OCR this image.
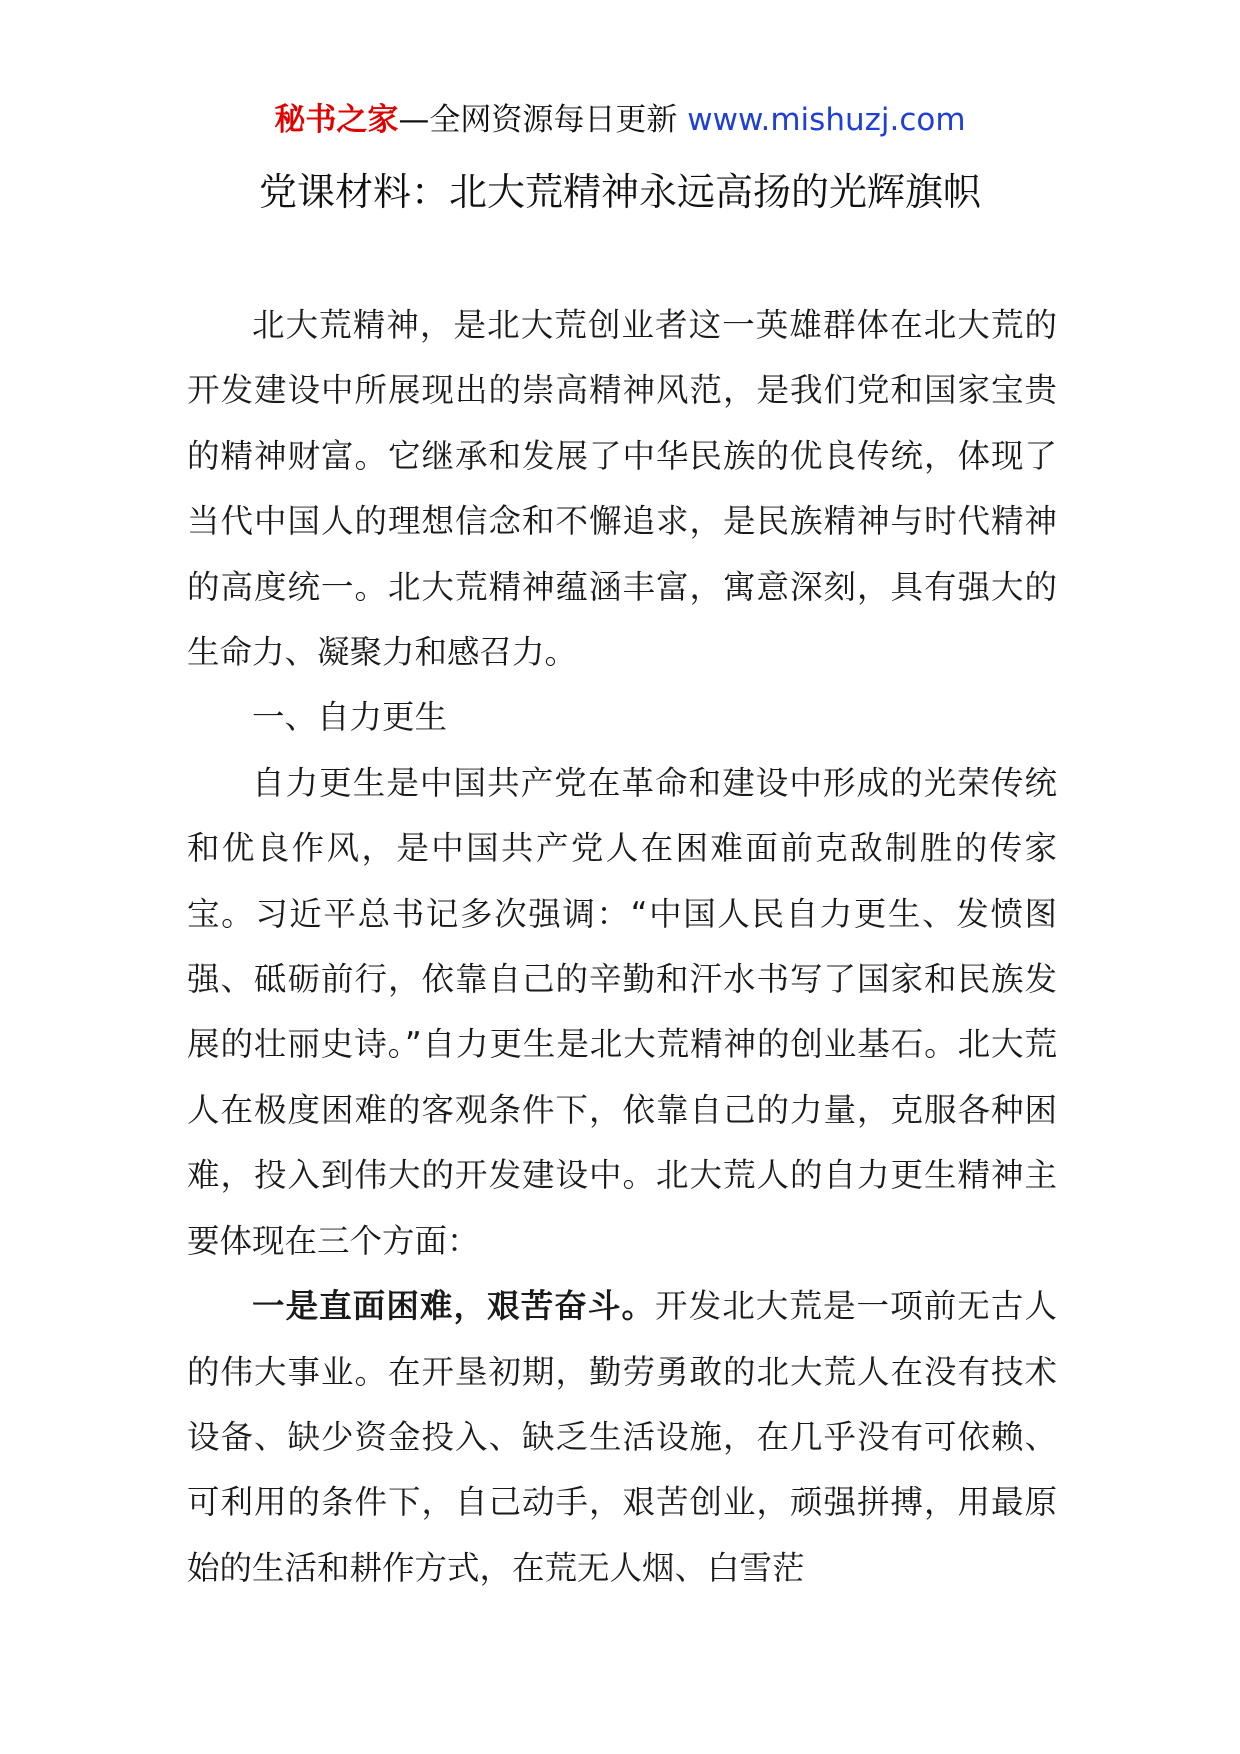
秘书之家—全网资源每日更新 www.mishuzj.com
党课材料：北大荒精神永远高扬的光辉旗帜

北大荒精神，是北大荒创业者这一英雄群体在北大荒的开发建设中所展现出的崇高精神风范，是我们党和国家宝贵的精神财富。它继承和发展了中华民族的优良传统，体现了当代中国人的理想信念和不懈追求，是民族精神与时代精神的高度统一。北大荒精神蕴涵丰富，寓意深刻，具有强大的生命力、凝聚力和感召力。

一、自力更生

自力更生是中国共产党在革命和建设中形成的光荣传统和优良作风，是中国共产党人在困难面前克敌制胜的传家宝。习近平总书记多次强调：“中国人民自力更生、发愤图强、砥砺前行，依靠自己的辛勤和汗水书写了国家和民族发展的壮丽史诗。”自力更生是北大荒精神的创业基石。北大荒人在极度困难的客观条件下，依靠自己的力量，克服各种困难，投入到伟大的开发建设中。北大荒人的自力更生精神主要体现在三个方面：

一是直面困难，艰苦奋斗。开发北大荒是一项前无古人的伟大事业。在开垦初期，勤劳勇敢的北大荒人在没有技术设备、缺少资金投入、缺乏生活设施，在几乎没有可依赖、可利用的条件下，自己动手，艰苦创业，顽强拼搏，用最原始的生活和耕作方式，在荒无人烟、白雪茫
